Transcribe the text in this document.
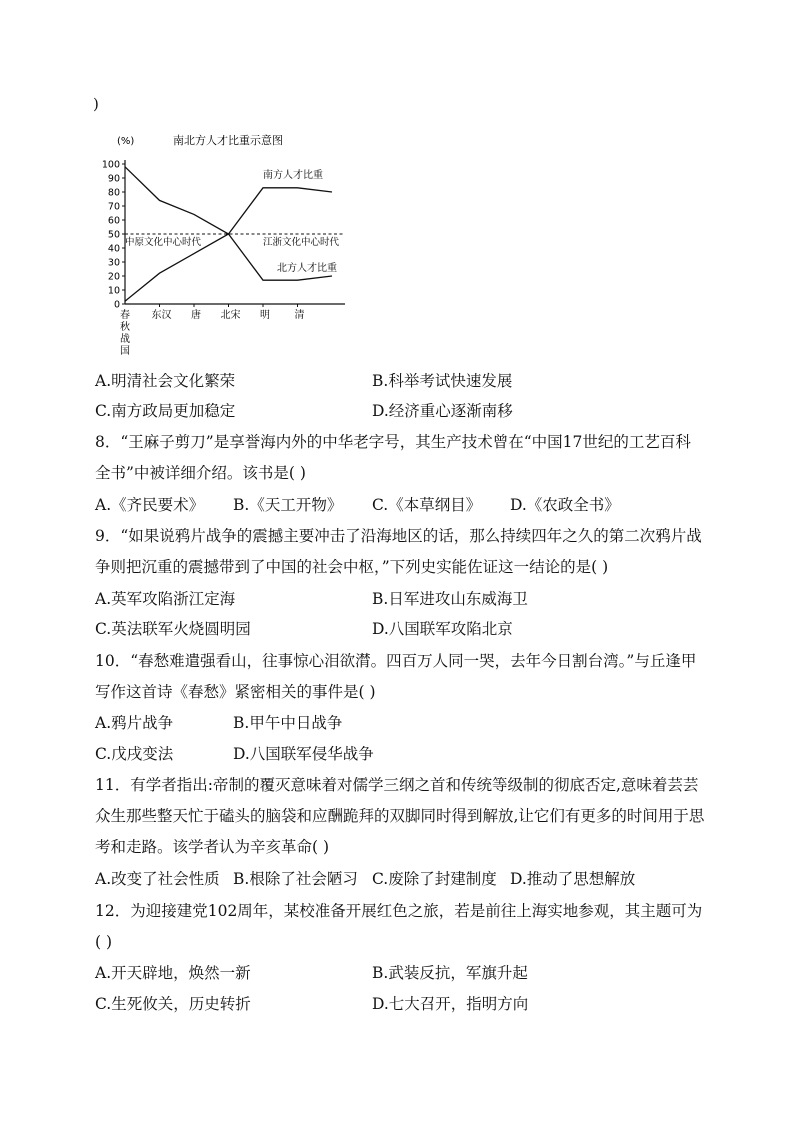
)
南北方人才比重示意图
(%)
0
10
20
30
40
50
60
70
80
90
100
春
秋
战
国
东汉 唐 北宋 明 清
中原文化中心时代	江浙文化中心时代
南方人才比重
北方人才比重
A.明清社会文化繁荣	B.科举考试快速发展
C.南方政局更加稳定	D.经济重心逐渐南移
8．“王麻子剪刀”是享誉海内外的中华老字号，其生产技术曾在“中国17世纪的工艺百科全书”中被详细介绍。该书是( )
A.《齐民要术》 B.《天工开物》 C.《本草纲目》 D.《农政全书》
9．“如果说鸦片战争的震撼主要冲击了沿海地区的话，那么持续四年之久的第二次鸦片战争则把沉重的震撼带到了中国的社会中枢，”下列史实能佐证这一结论的是( )
A.英军攻陷浙江定海	B.日军进攻山东威海卫
C.英法联军火烧圆明园	D.八国联军攻陷北京
10．“春愁难遣强看山，往事惊心泪欲潸。四百万人同一哭，去年今日割台湾。”与丘逢甲写作这首诗《春愁》紧密相关的事件是( )
A.鸦片战争	B.甲午中日战争
C.戊戌变法	D.八国联军侵华战争
11．有学者指出:帝制的覆灭意味着对儒学三纲之首和传统等级制的彻底否定,意味着芸芸众生那些整天忙于磕头的脑袋和应酬跪拜的双脚同时得到解放,让它们有更多的时间用于思考和走路。该学者认为辛亥革命( )
A.改变了社会性质 B.根除了社会陋习 C.废除了封建制度 D.推动了思想解放
12．为迎接建党102周年，某校准备开展红色之旅，若是前往上海实地参观，其主题可为( )
A.开天辟地，焕然一新	B.武装反抗，军旗升起
C.生死攸关，历史转折	D.七大召开，指明方向
